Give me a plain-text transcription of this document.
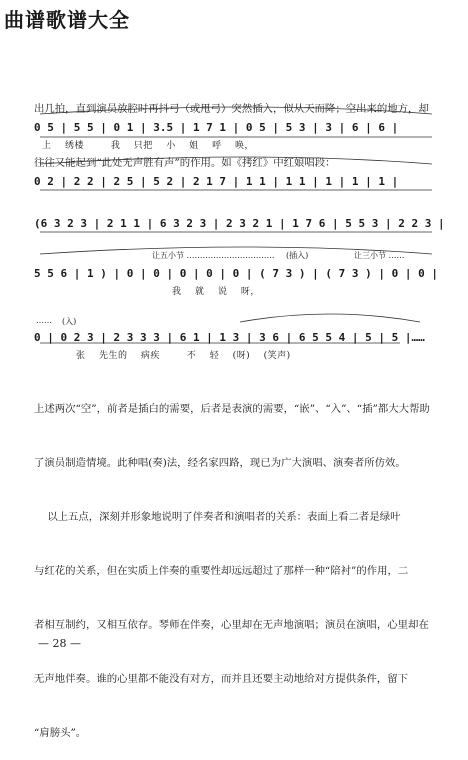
曲谱歌谱大全

出几拍，直到演员放腔时再抖弓（或甩弓）突然插入，似从天而降；空出来的地方，却

往往又能起到“此处无声胜有声”的作用。如《拷红》中红娘唱段：

0 5 | 5 5 | 0 1 | 3.5 | 1 7 1 | 0 5 | 5 3 | 3 | 6 | 6 |
上    绣楼        我    只把    小    姐    呼    唤，
0 2 | 2 2 | 2 5 | 5 2 | 2 1 7 | 1 1 | 1 1 | 1 | 1 | 1 |
(6 3 2 3 | 2 1 1 | 6 3 2 3 | 2 3 2 1 | 1 7 6 | 5 5 3 | 2 2 3 |
让五小节 …………………………… (插入)	让三小节 ……
5 5 6 | 1 ) | 0 | 0 | 0 | 0 | 0 | ( 7 3 ) | ( 7 3 ) | 0 | 0 |
我    就    说    呀，
…… (入)
0 | 0 2 3 | 2 3 3 3 | 6 1 | 1 3 | 3 6 | 6 5 5 4 | 5 | 5 |……
张    先生的    病疾        不    轻    (呀)    (笑声)

上述两次“空”，前者是插白的需要，后者是表演的需要，“嵌”、“入”、“插”都大大帮助

了演员制造情境。此种唱(奏)法，经名家四路，现已为广大演唱、演奏者所仿效。

以上五点，深刻并形象地说明了伴奏者和演唱者的关系：表面上看二者是绿叶

与红花的关系，但在实质上伴奏的重要性却远远超过了那样一种“陪衬”的作用，二

者相互制约，又相互依存。琴师在伴奏，心里却在无声地演唱；演员在演唱，心里却在

无声地伴奏。谁的心里都不能没有对方，而并且还要主动地给对方提供条件，留下

“肩膀头”。

— 28 —
